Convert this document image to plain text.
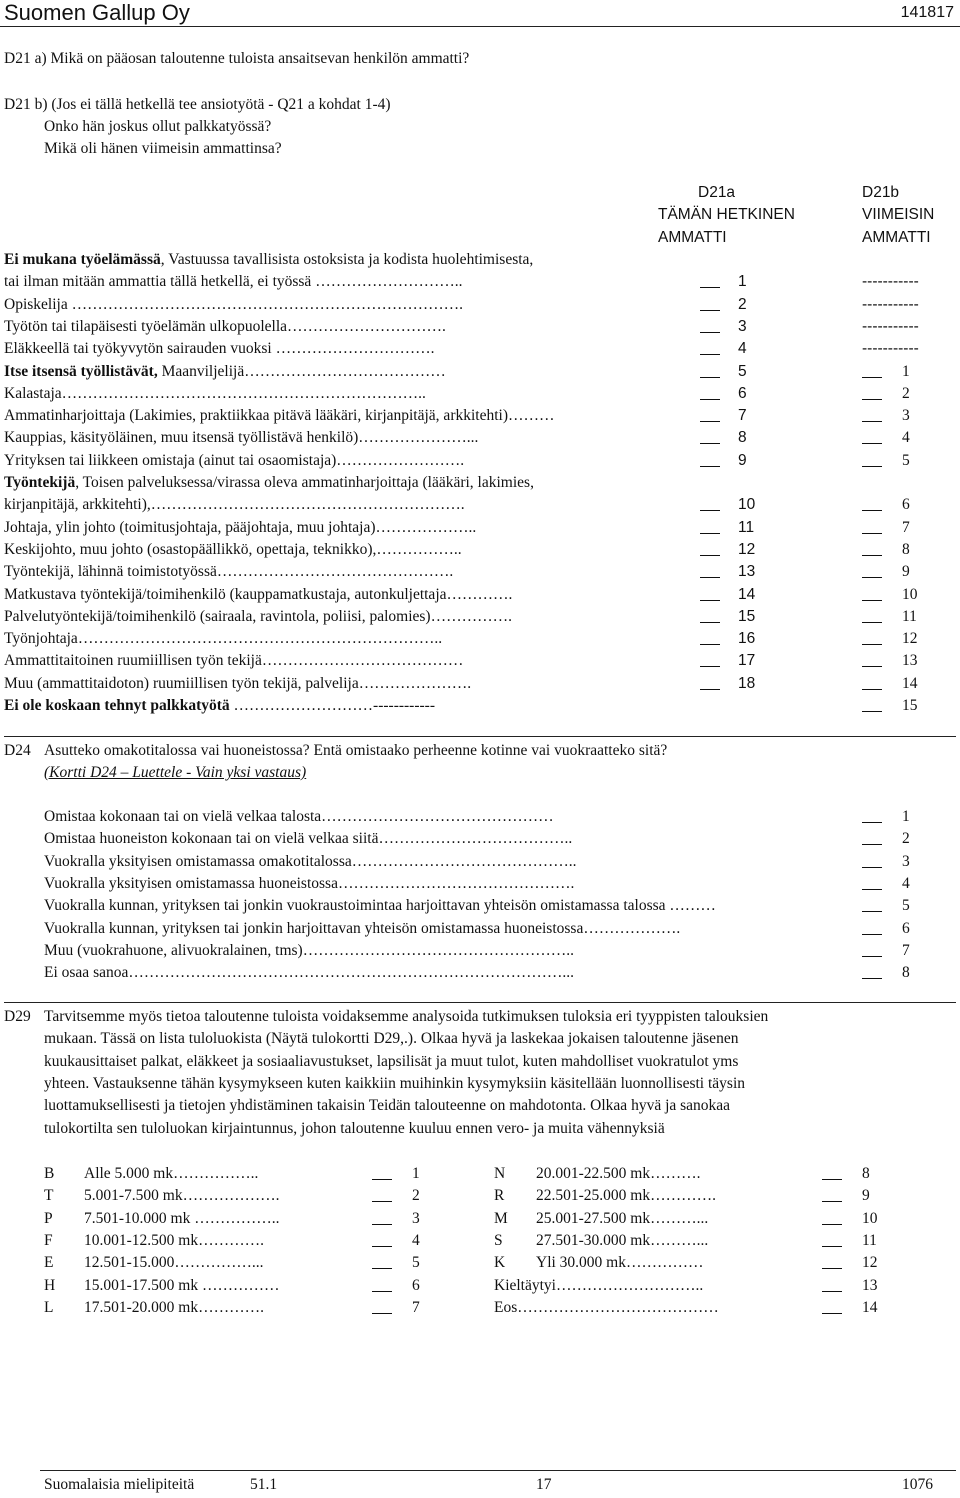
Suomen Gallup Oy	141817
D21 a) Mikä on pääosan taloutenne tuloista ansaitsevan henkilön ammatti?
D21 b) (Jos ei tällä hetkellä tee ansiotyötä - Q21 a kohdat 1-4)
Onko hän joskus ollut palkkatyössä?
Mikä oli hänen viimeisin ammattinsa?
D21a
TÄMÄN HETKINEN
AMMATTI
D21b
VIIMEISIN
AMMATTI
Ei mukana työelämässä, Vastuussa tavallisista ostoksista ja kodista huolehtimisesta,
tai ilman mitään ammattia tällä hetkellä, ei työssä ………………………..	1	-----------
Opiskelija ………………………………………………………………….	2	-----------
Työtön tai tilapäisesti työelämän ulkopuolella………………………….	3	-----------
Eläkkeellä tai työkyvytön sairauden vuoksi ………………………….	4	-----------
Itse itsensä työllistävät, Maanviljelijä…………………………………	5	1
Kalastaja……………………………………………………………..	6	2
Ammatinharjoittaja (Lakimies, praktiikkaa pitävä lääkäri, kirjanpitäjä, arkkitehti)………	7	3
Kauppias, käsityöläinen, muu itsensä työllistävä henkilö)…………………...	8	4
Yrityksen tai liikkeen omistaja (ainut tai osaomistaja)…………………….	9	5
Työntekijä, Toisen palveluksessa/virassa oleva ammatinharjoittaja (lääkäri, lakimies,
kirjanpitäjä, arkkitehti),…………………………………………………….	10	6
Johtaja, ylin johto (toimitusjohtaja, pääjohtaja, muu johtaja)………………..	11	7
Keskijohto, muu johto (osastopäällikkö, opettaja, teknikko),……………..	12	8
Työntekijä, lähinnä toimistotyössä……………………………………….	13	9
Matkustava työntekijä/toimihenkilö (kauppamatkustaja, autonkuljettaja………….	14	10
Palvelutyöntekijä/toimihenkilö (sairaala, ravintola, poliisi, palomies)…………….	15	11
Työnjohtaja……………………………………………………………..	16	12
Ammattitaitoinen ruumiillisen työn tekijä…………………………………	17	13
Muu (ammattitaidoton) ruumiillisen työn tekijä, palvelija………………….	18	14
Ei ole koskaan tehnyt palkkatyötä ………………………------------	15
D24 Asutteko omakotitalossa vai huoneistossa? Entä omistaako perheenne kotinne vai vuokraatteko sitä?
(Kortti D24 – Luettele - Vain yksi vastaus)
Omistaa kokonaan tai on vielä velkaa talosta………………………………………	1
Omistaa huoneiston kokonaan tai on vielä velkaa siitä………………………………..	2
Vuokralla yksityisen omistamassa omakotitalossa……………………………………..	3
Vuokralla yksityisen omistamassa huoneistossa……………………………………….	4
Vuokralla kunnan, yrityksen tai jonkin vuokraustoimintaa harjoittavan yhteisön omistamassa talossa ………	5
Vuokralla kunnan, yrityksen tai jonkin harjoittavan yhteisön omistamassa huoneistossa……………….	6
Muu (vuokrahuone, alivuokralainen, tms)……………………………………………..	7
Ei osaa sanoa…………………………………………………………………………...	8
D29 Tarvitsemme myös tietoa taloutenne tuloista voidaksemme analysoida tutkimuksen tuloksia eri tyyppisten talouksien
mukaan. Tässä on lista tuloluokista (Näytä tulokortti D29,.). Olkaa hyvä ja laskekaa jokaisen taloutenne jäsenen
kuukausittaiset palkat, eläkkeet ja sosiaaliavustukset, lapsilisät ja muut tulot, kuten mahdolliset vuokratulot yms
yhteen. Vastauksenne tähän kysymykseen kuten kaikkiin muihinkin kysymyksiin käsitellään luonnollisesti täysin
luottamuksellisesti ja tietojen yhdistäminen takaisin Teidän talouteenne on mahdotonta. Olkaa hyvä ja sanokaa
tulokortilta sen tuloluokan kirjaintunnus, johon taloutenne kuuluu ennen vero- ja muita vähennyksiä
B Alle 5.000 mk……………..	1
T 5.001-7.500 mk……………….	2
P 7.501-10.000 mk ……………..	3
F 10.001-12.500 mk………….	4
E 12.501-15.000……………...	5
H 15.001-17.500 mk ……………	6
L 17.501-20.000 mk………….	7
N 20.001-22.500 mk……….	8
R 22.501-25.000 mk………….	9
M 25.001-27.500 mk………...	10
S 27.501-30.000 mk………...	11
K Yli 30.000 mk……………	12
Kieltäytyi………………………..	13
Eos…………………………………	14
Suomalaisia mielipiteitä	51.1	17	1076
